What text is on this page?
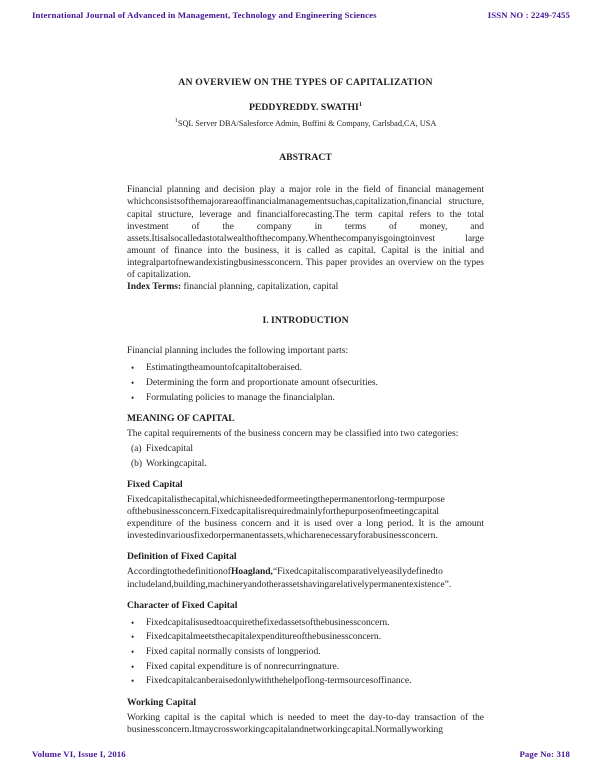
International Journal of Advanced in Management, Technology and Engineering Sciences	ISSN NO : 2249-7455
AN OVERVIEW ON THE TYPES OF CAPITALIZATION
PEDDYREDDY. SWATHI$^1$
$^1$SQL Server DBA/Salesforce Admin, Buffini & Company, Carlsbad,CA, USA
ABSTRACT

Financial planning and decision play a major role in the field of financial management whichconsistsofthemajorareaoffinancialmanagementsuchas,capitalization,financial structure, capital structure, leverage and financialforecasting.The term capital refers to the total investment of the company in terms of money, and assets.Itisalsocalledastotalwealthofthecompany.Whenthecompanyisgoingtoinvest large amount of finance into the business, it is called as capital. Capital is the initial and integralpartofnewandexistingbusinessconcern. This paper provides an overview on the types of capitalization.

Index Terms: financial planning, capitalization, capital

I. INTRODUCTION

Financial planning includes the following important parts:

•	Estimatingtheamountofcapitaltoberaised.
•	Determining the form and proportionate amount ofsecurities.
•	Formulating policies to manage the financialplan.
MEANING OF CAPITAL

The capital requirements of the business concern may be classified into two categories:

(a) Fixedcapital
(b) Workingcapital.
Fixed Capital

Fixedcapitalisthecapital,whichisneededformeetingthepermanentorlong-termpurpose ofthebusinessconcern.Fixedcapitalisrequiredmainlyforthepurposeofmeetingcapital expenditure of the business concern and it is used over a long period. It is the amount investedinvariousfixedorpermanentassets,whicharenecessaryforabusinessconcern.

Definition of Fixed Capital

AccordingtothedefinitionofHoagland,“Fixedcapitaliscomparativelyeasilydefinedto includeland,building,machineryandotherassetshavingarelativelypermanentexistence”.

Character of Fixed Capital
•	Fixedcapitalisusedtoacquirethefixedassetsofthebusinessconcern.
•	Fixedcapitalmeetsthecapitalexpenditureofthebusinessconcern.
•	Fixed capital normally consists of longperiod.
•	Fixed capital expenditure is of nonrecurringnature.
•	Fixedcapitalcanberaisedonlywiththehelpoflong-termsourcesoffinance.
Working Capital

Working capital is the capital which is needed to meet the day-to-day transaction of the businessconcern.Itmaycrossworkingcapitalandnetworkingcapital.Normallyworking

Volume VI, Issue I, 2016	Page No: 318
